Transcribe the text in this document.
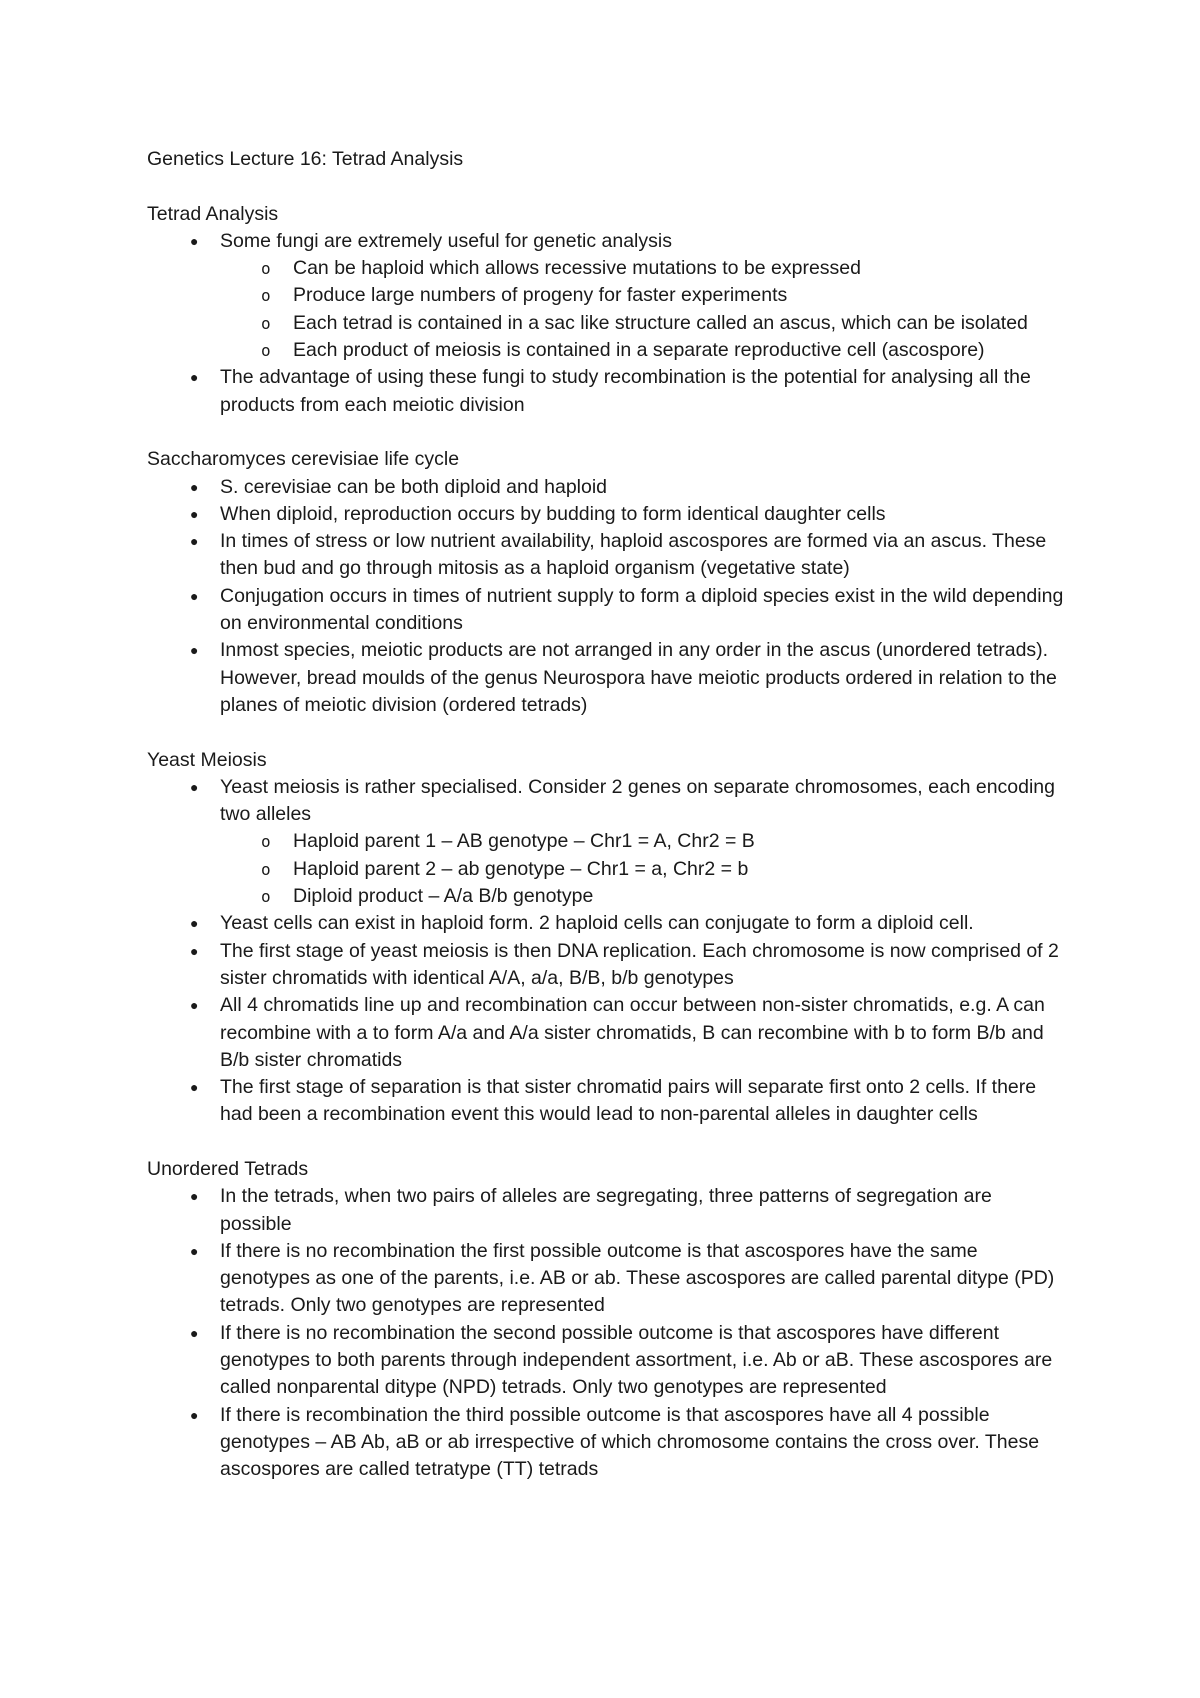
Genetics Lecture 16: Tetrad Analysis
Tetrad Analysis
● Some fungi are extremely useful for genetic analysis
o Can be haploid which allows recessive mutations to be expressed
o Produce large numbers of progeny for faster experiments
o Each tetrad is contained in a sac like structure called an ascus, which can be isolated
o Each product of meiosis is contained in a separate reproductive cell (ascospore)
● The advantage of using these fungi to study recombination is the potential for analysing all the products from each meiotic division
Saccharomyces cerevisiae life cycle
● S. cerevisiae can be both diploid and haploid
● When diploid, reproduction occurs by budding to form identical daughter cells
● In times of stress or low nutrient availability, haploid ascospores are formed via an ascus. These then bud and go through mitosis as a haploid organism (vegetative state)
● Conjugation occurs in times of nutrient supply to form a diploid species exist in the wild depending on environmental conditions
● Inmost species, meiotic products are not arranged in any order in the ascus (unordered tetrads). However, bread moulds of the genus Neurospora have meiotic products ordered in relation to the planes of meiotic division (ordered tetrads)
Yeast Meiosis
● Yeast meiosis is rather specialised. Consider 2 genes on separate chromosomes, each encoding two alleles
o Haploid parent 1 – AB genotype – Chr1 = A, Chr2 = B
o Haploid parent 2 – ab genotype – Chr1 = a, Chr2 = b
o Diploid product – A/a B/b genotype
● Yeast cells can exist in haploid form. 2 haploid cells can conjugate to form a diploid cell.
● The first stage of yeast meiosis is then DNA replication. Each chromosome is now comprised of 2 sister chromatids with identical A/A, a/a, B/B, b/b genotypes
● All 4 chromatids line up and recombination can occur between non-sister chromatids, e.g. A can recombine with a to form A/a and A/a sister chromatids, B can recombine with b to form B/b and B/b sister chromatids
● The first stage of separation is that sister chromatid pairs will separate first onto 2 cells. If there had been a recombination event this would lead to non-parental alleles in daughter cells
Unordered Tetrads
● In the tetrads, when two pairs of alleles are segregating, three patterns of segregation are possible
● If there is no recombination the first possible outcome is that ascospores have the same genotypes as one of the parents, i.e. AB or ab. These ascospores are called parental ditype (PD) tetrads. Only two genotypes are represented
● If there is no recombination the second possible outcome is that ascospores have different genotypes to both parents through independent assortment, i.e. Ab or aB. These ascospores are called nonparental ditype (NPD) tetrads. Only two genotypes are represented
● If there is recombination the third possible outcome is that ascospores have all 4 possible genotypes – AB Ab, aB or ab irrespective of which chromosome contains the cross over. These ascospores are called tetratype (TT) tetrads
